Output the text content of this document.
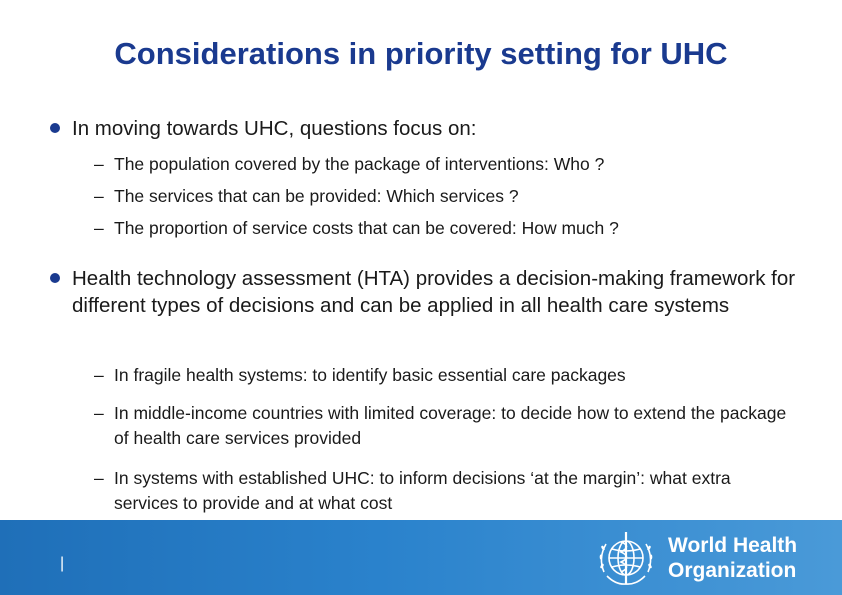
Considerations in priority setting for UHC
In moving towards UHC, questions focus on:
– The population covered by the package of interventions: Who ?
– The services that can be provided: Which services ?
– The proportion of service costs that can be covered: How much ?
Health technology assessment (HTA) provides a decision-making framework for different types of decisions and can be applied in all health care systems
– In fragile health systems: to identify basic essential care packages
– In middle-income countries with limited coverage: to decide how to extend the package of health care services provided
– In systems with established UHC: to inform decisions ‘at the margin’: what extra services to provide and at what cost
|
World Health
Organization
